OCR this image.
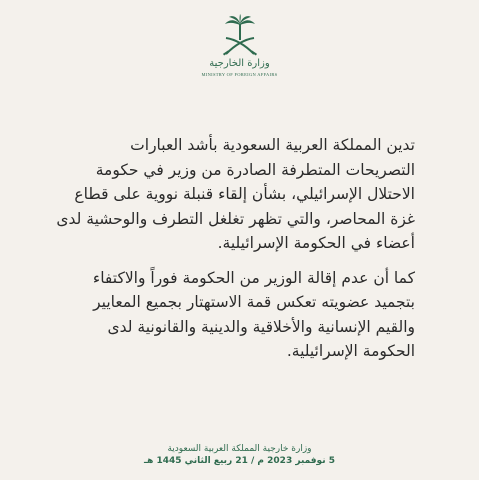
وزارة الخارجية
MINISTRY OF FOREIGN AFFAIRS

تدين المملكة العربية السعودية بأشد العبارات التصريحات المتطرفة الصادرة من وزير في حكومة الاحتلال الإسرائيلي، بشأن إلقاء قنبلة نووية على قطاع غزة المحاصر، والتي تظهر تغلغل التطرف والوحشية لدى أعضاء في الحكومة الإسرائيلية.

كما أن عدم إقالة الوزير من الحكومة فوراً والاكتفاء بتجميد عضويته تعكس قمة الاستهتار بجميع المعايير والقيم الإنسانية والأخلاقية والدينية والقانونية لدى الحكومة الإسرائيلية.

وزارة خارجية المملكة العربية السعودية
5 نوفمبر 2023 م / 21 ربيع الثاني 1445 هـ
